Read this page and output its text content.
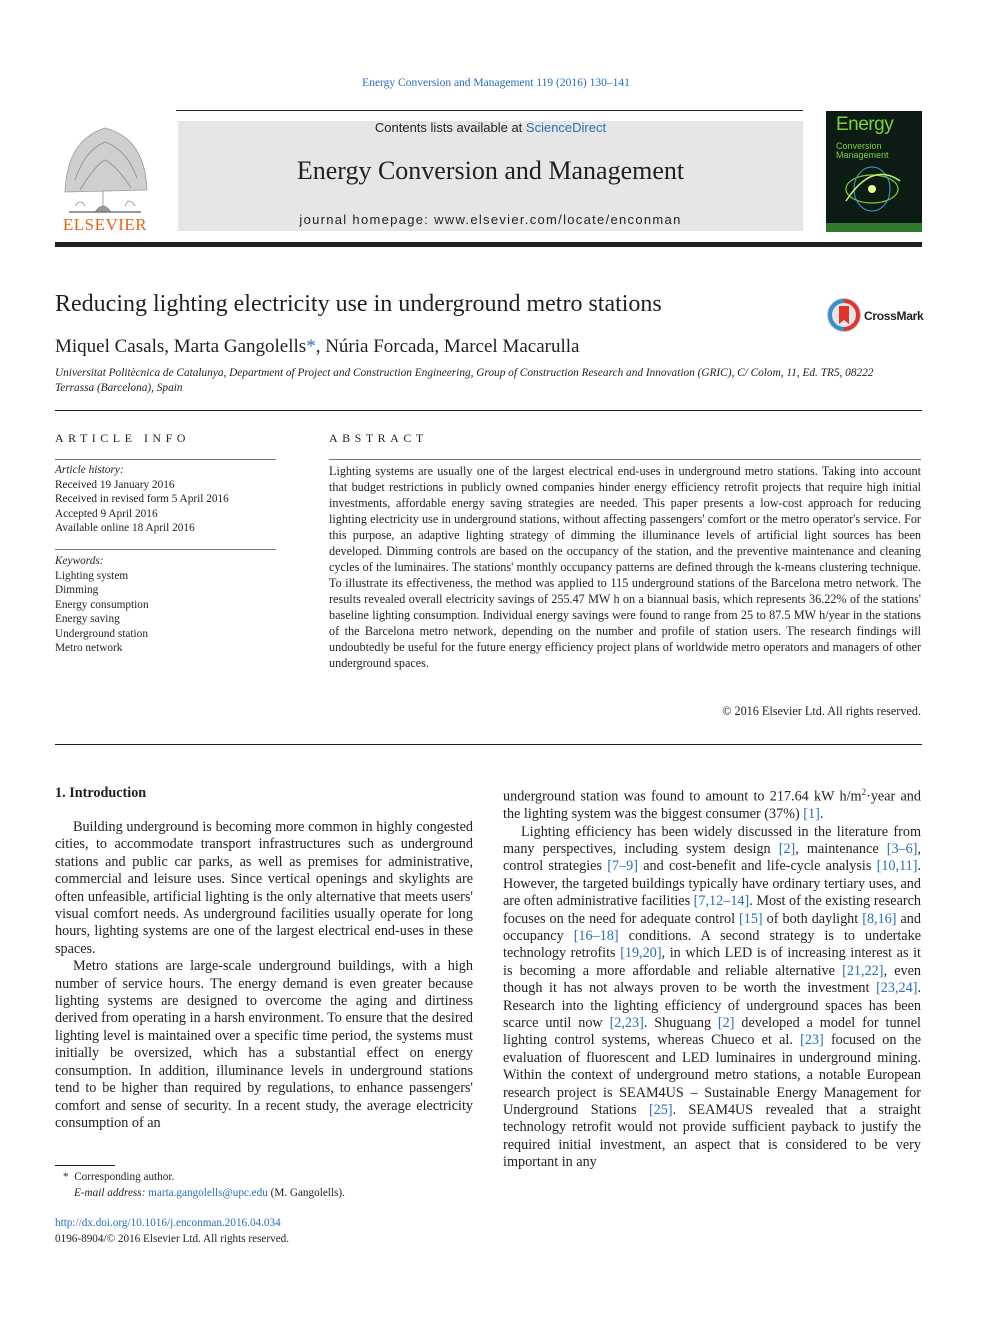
Energy Conversion and Management 119 (2016) 130–141
Contents lists available at ScienceDirect
Energy Conversion and Management
journal homepage: www.elsevier.com/locate/enconman
ELSEVIER
Energy
Conversion
Management
Reducing lighting electricity use in underground metro stations	CrossMark
Miquel Casals, Marta Gangolells*, Núria Forcada, Marcel Macarulla
Universitat Politècnica de Catalunya, Department of Project and Construction Engineering, Group of Construction Research and Innovation (GRIC), C/ Colom, 11, Ed. TR5, 08222 Terrassa (Barcelona), Spain
ARTICLE INFO
Article history:
Received 19 January 2016
Received in revised form 5 April 2016
Accepted 9 April 2016
Available online 18 April 2016
Keywords:
Lighting system
Dimming
Energy consumption
Energy saving
Underground station
Metro network
ABSTRACT
Lighting systems are usually one of the largest electrical end-uses in underground metro stations. Taking into account that budget restrictions in publicly owned companies hinder energy efficiency retrofit projects that require high initial investments, affordable energy saving strategies are needed. This paper presents a low-cost approach for reducing lighting electricity use in underground stations, without affecting passengers' comfort or the metro operator's service. For this purpose, an adaptive lighting strategy of dimming the illuminance levels of artificial light sources has been developed. Dimming controls are based on the occupancy of the station, and the preventive maintenance and cleaning cycles of the luminaires. The stations' monthly occupancy patterns are defined through the k-means clustering technique. To illustrate its effectiveness, the method was applied to 115 underground stations of the Barcelona metro network. The results revealed overall electricity savings of 255.47 MW h on a biannual basis, which represents 36.22% of the stations' baseline lighting consumption. Individual energy savings were found to range from 25 to 87.5 MW h/year in the stations of the Barcelona metro network, depending on the number and profile of station users. The research findings will undoubtedly be useful for the future energy efficiency project plans of worldwide metro operators and managers of other underground spaces.
© 2016 Elsevier Ltd. All rights reserved.
1. Introduction

Building underground is becoming more common in highly congested cities, to accommodate transport infrastructures such as underground stations and public car parks, as well as premises for administrative, commercial and leisure uses. Since vertical openings and skylights are often unfeasible, artificial lighting is the only alternative that meets users' visual comfort needs. As underground facilities usually operate for long hours, lighting systems are one of the largest electrical end-uses in these spaces.

Metro stations are large-scale underground buildings, with a high number of service hours. The energy demand is even greater because lighting systems are designed to overcome the aging and dirtiness derived from operating in a harsh environment. To ensure that the desired lighting level is maintained over a specific time period, the systems must initially be oversized, which has a substantial effect on energy consumption. In addition, illuminance levels in underground stations tend to be higher than required by regulations, to enhance passengers' comfort and sense of security. In a recent study, the average electricity consumption of an

underground station was found to amount to 217.64 kW $h/m^2\cdot year$ and the lighting system was the biggest consumer (37%) [1].

Lighting efficiency has been widely discussed in the literature from many perspectives, including system design [2], maintenance [3–6], control strategies [7–9] and cost-benefit and life-cycle analysis [10,11]. However, the targeted buildings typically have ordinary tertiary uses, and are often administrative facilities [7,12–14]. Most of the existing research focuses on the need for adequate control [15] of both daylight [8,16] and occupancy [16–18] conditions. A second strategy is to undertake technology retrofits [19,20], in which LED is of increasing interest as it is becoming a more affordable and reliable alternative [21,22], even though it has not always proven to be worth the investment [23,24]. Research into the lighting efficiency of underground spaces has been scarce until now [2,23]. Shuguang [2] developed a model for tunnel lighting control systems, whereas Chueco et al. [23] focused on the evaluation of fluorescent and LED luminaires in underground mining. Within the context of underground metro stations, a notable European research project is SEAM4US – Sustainable Energy Management for Underground Stations [25]. SEAM4US revealed that a straight technology retrofit would not provide sufficient payback to justify the required initial investment, an aspect that is considered to be very important in any

* Corresponding author.
E-mail address: marta.gangolells@upc.edu (M. Gangolells).
http://dx.doi.org/10.1016/j.enconman.2016.04.034
0196-8904/© 2016 Elsevier Ltd. All rights reserved.
